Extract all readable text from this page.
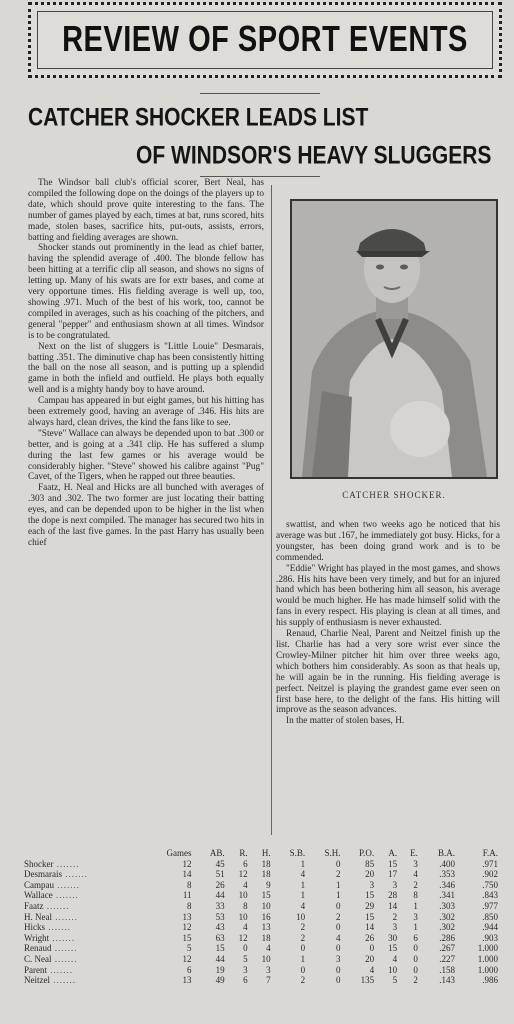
REVIEW OF SPORT EVENTS
CATCHER SHOCKER LEADS LIST
OF WINDSOR'S HEAVY SLUGGERS

The Windsor ball club's official scorer, Bert Neal, has compiled the following dope on the doings of the players up to date, which should prove quite interesting to the fans. The number of games played by each, times at bat, runs scored, hits made, stolen bases, sacrifice hits, put-outs, assists, errors, batting and fielding averages are shown.

Shocker stands out prominently in the lead as chief batter, having the splendid average of .400. The blonde fellow has been hitting at a terrific clip all season, and shows no signs of letting up. Many of his swats are for extr bases, and come at very opportune times. His fielding average is well up, too, showing .971. Much of the best of his work, too, cannot be compiled in averages, such as his coaching of the pitchers, and general "pepper" and enthusiasm shown at all times. Windsor is to be congratulated.

Next on the list of sluggers is "Little Louie" Desmarais, batting .351. The diminutive chap has been consistently hitting the ball on the nose all season, and is putting up a splendid game in both the infield and outfield. He plays both equally well and is a mighty handy boy to have around.

Campau has appeared in but eight games, but his hitting has been extremely good, having an average of .346. His hits are always hard, clean drives, the kind the fans like to see.

"Steve" Wallace can always be depended upon to bat .300 or better, and is going at a .341 clip. He has suffered a slump during the last few games or his average would be considerably higher. "Steve" showed his calibre against "Pug" Cavet, of the Tigers, when he rapped out three beauties.

Faatz, H. Neal and Hicks are all bunched with averages of .303 and .302. The two former are just locating their batting eyes, and can be depended upon to be higher in the list when the dope is next compiled. The manager has secured two hits in each of the last five games. In the past Harry has usually been chief

CATCHER SHOCKER.

swattist, and when two weeks ago he noticed that his average was but .167, he immediately got busy. Hicks, for a youngster, has been doing grand work and is to be commended.

"Eddie" Wright has played in the most games, and shows .286. His hits have been very timely, and but for an injured hand which has been bothering him all season, his average would be much higher. He has made himself solid with the fans in every respect. His playing is clean at all times, and his supply of enthusiasm is never exhausted.

Renaud, Charlie Neal, Parent and Neitzel finish up the list. Charlie has had a very sore wrist ever since the Crowley-Milner pitcher hit him over three weeks ago, which bothers him considerably. As soon as that heals up, he will again be in the running. His fielding average is perfect. Neitzel is playing the grandest game ever seen on first base here, to the delight of the fans. His hitting will improve as the season advances.

In the matter of stolen bases, H.

	Games	AB.	R.	H.	S.B.	S.H.	P.O.	A.	E.	B.A.	F.A.
Shocker .......	12	45	6	18	1	0	85	15	3	.400	.971
Desmarais .......	14	51	12	18	4	2	20	17	4	.353	.902
Campau .......	8	26	4	9	1	1	3	3	2	.346	.750
Wallace .......	11	44	10	15	1	1	15	28	8	.341	.843
Faatz .......	8	33	8	10	4	0	29	14	1	.303	.977
H. Neal .......	13	53	10	16	10	2	15	2	3	.302	.850
Hicks .......	12	43	4	13	2	0	14	3	1	.302	.944
Wright .......	15	63	12	18	2	4	26	30	6	.286	.903
Renaud .......	5	15	0	4	0	0	0	15	0	.267	1.000
C. Neal .......	12	44	5	10	1	3	20	4	0	.227	1.000
Parent .......	6	19	3	3	0	0	4	10	0	.158	1.000
Neitzel .......	13	49	6	7	2	0	135	5	2	.143	.986
